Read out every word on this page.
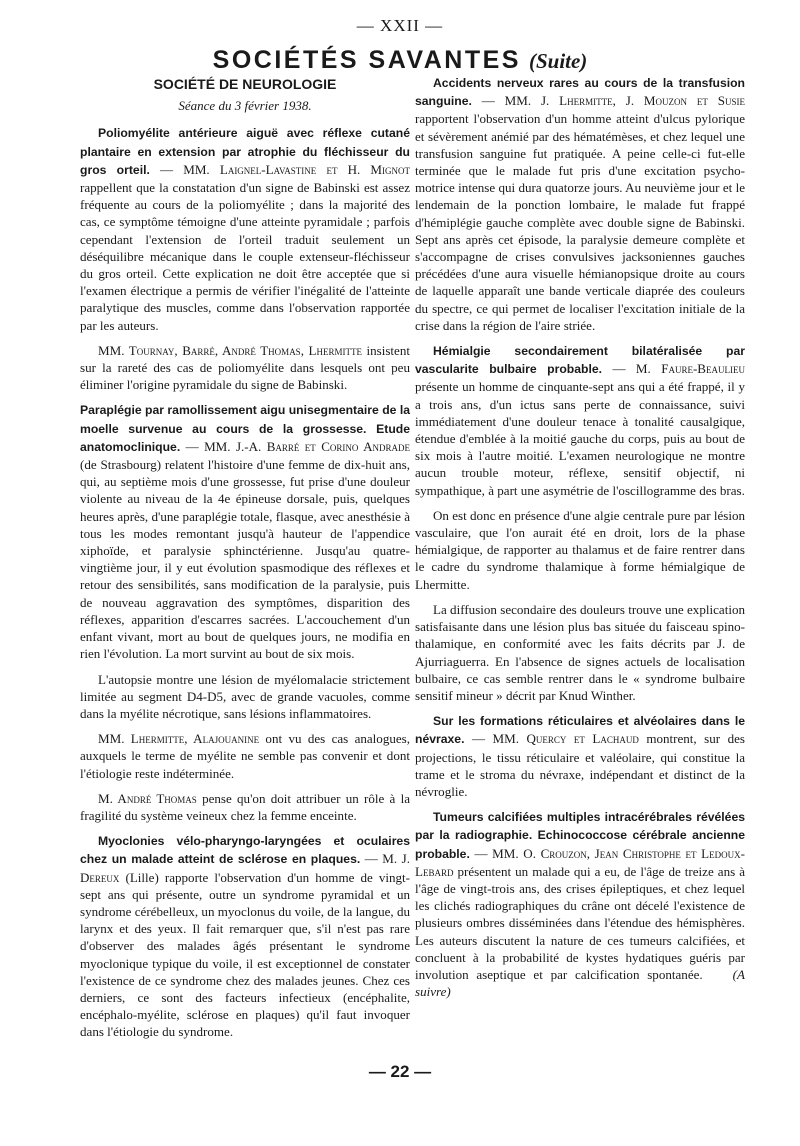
— XXII —
SOCIÉTÉS SAVANTES (Suite)
SOCIÉTÉ DE NEUROLOGIE
Séance du 3 février 1938.

Poliomyélite antérieure aiguë avec réflexe cutané plantaire en extension par atrophie du fléchisseur du gros orteil. — MM. Laignel-Lavastine et H. Mignot rappellent que la constatation d'un signe de Babinski est assez fréquente au cours de la poliomyélite ; dans la majorité des cas, ce symptôme témoigne d'une atteinte pyramidale ; parfois cependant l'extension de l'orteil traduit seulement un déséquilibre mécanique dans le couple extenseur-fléchisseur du gros orteil. Cette explication ne doit être acceptée que si l'examen électrique a permis de vérifier l'inégalité de l'atteinte paralytique des muscles, comme dans l'observation rapportée par les auteurs.

MM. Tournay, Barré, André Thomas, Lhermitte insistent sur la rareté des cas de poliomyélite dans lesquels ont peu éliminer l'origine pyramidale du signe de Babinski.

Paraplégie par ramollissement aigu unisegmentaire de la moelle survenue au cours de la grossesse. Etude anatomoclinique. — MM. J.-A. Barré et Corino Andrade (de Strasbourg) relatent l'histoire d'une femme de dix-huit ans, qui, au septième mois d'une grossesse, fut prise d'une douleur violente au niveau de la 4e épineuse dorsale, puis, quelques heures après, d'une paraplégie totale, flasque, avec anesthésie à tous les modes remontant jusqu'à hauteur de l'appendice xiphoïde, et paralysie sphinctérienne. Jusqu'au quatre-vingtième jour, il y eut évolution spasmodique des réflexes et retour des sensibilités, sans modification de la paralysie, puis de nouveau aggravation des symptômes, disparition des réflexes, apparition d'escarres sacrées. L'accouchement d'un enfant vivant, mort au bout de quelques jours, ne modifia en rien l'évolution. La mort survint au bout de six mois.

L'autopsie montre une lésion de myélomalacie strictement limitée au segment D4-D5, avec de grande vacuoles, comme dans la myélite nécrotique, sans lésions inflammatoires.

MM. Lhermitte, Alajouanine ont vu des cas analogues, auxquels le terme de myélite ne semble pas convenir et dont l'étiologie reste indéterminée.

M. André Thomas pense qu'on doit attribuer un rôle à la fragilité du système veineux chez la femme enceinte.

Myoclonies vélo-pharyngo-laryngées et oculaires chez un malade atteint de sclérose en plaques. — M. J. Dereux (Lille) rapporte l'observation d'un homme de vingt-sept ans qui présente, outre un syndrome pyramidal et un syndrome cérébelleux, un myoclonus du voile, de la langue, du larynx et des yeux. Il fait remarquer que, s'il n'est pas rare d'observer des malades âgés présentant le syndrome myoclonique typique du voile, il est exceptionnel de constater l'existence de ce syndrome chez des malades jeunes. Chez ces derniers, ce sont des facteurs infectieux (encéphalite, encéphalo-myélite, sclérose en plaques) qu'il faut invoquer dans l'étiologie du syndrome.

Accidents nerveux rares au cours de la transfusion sanguine. — MM. J. Lhermitte, J. Mouzon et Susie rapportent l'observation d'un homme atteint d'ulcus pylorique et sévèrement anémié par des hématémèses, et chez lequel une transfusion sanguine fut pratiquée. A peine celle-ci fut-elle terminée que le malade fut pris d'une excitation psycho-motrice intense qui dura quatorze jours. Au neuvième jour et le lendemain de la ponction lombaire, le malade fut frappé d'hémiplégie gauche complète avec double signe de Babinski. Sept ans après cet épisode, la paralysie demeure complète et s'accompagne de crises convulsives jacksoniennes gauches précédées d'une aura visuelle hémianopsique droite au cours de laquelle apparaît une bande verticale diaprée des couleurs du spectre, ce qui permet de localiser l'excitation initiale de la crise dans la région de l'aire striée.

Hémialgie secondairement bilatéralisée par vascularite bulbaire probable. — M. Faure-Beaulieu présente un homme de cinquante-sept ans qui a été frappé, il y a trois ans, d'un ictus sans perte de connaissance, suivi immédiatement d'une douleur tenace à tonalité causalgique, étendue d'emblée à la moitié gauche du corps, puis au bout de six mois à l'autre moitié. L'examen neurologique ne montre aucun trouble moteur, réflexe, sensitif objectif, ni sympathique, à part une asymétrie de l'oscillogramme des bras.

On est donc en présence d'une algie centrale pure par lésion vasculaire, que l'on aurait été en droit, lors de la phase hémialgique, de rapporter au thalamus et de faire rentrer dans le cadre du syndrome thalamique à forme hémialgique de Lhermitte.

La diffusion secondaire des douleurs trouve une explication satisfaisante dans une lésion plus bas située du faisceau spino-thalamique, en conformité avec les faits décrits par J. de Ajurriaguerra. En l'absence de signes actuels de localisation bulbaire, ce cas semble rentrer dans le « syndrome bulbaire sensitif mineur » décrit par Knud Winther.

Sur les formations réticulaires et alvéolaires dans le névraxe. — MM. Quercy et Lachaud montrent, sur des projections, le tissu réticulaire et valéolaire, qui constitue la trame et le stroma du névraxe, indépendant et distinct de la névroglie.

Tumeurs calcifiées multiples intracérébrales révélées par la radiographie. Echinococcose cérébrale ancienne probable. — MM. O. Crouzon, Jean Christophe et Ledoux-Lebard présentent un malade qui a eu, de l'âge de treize ans à l'âge de vingt-trois ans, des crises épileptiques, et chez lequel les clichés radiographiques du crâne ont décelé l'existence de plusieurs ombres disséminées dans l'étendue des hémisphères. Les auteurs discutent la nature de ces tumeurs calcifiées, et concluent à la probabilité de kystes hydatiques guéris par involution aseptique et par calcification spontanée. (A suivre)

— 22 —
